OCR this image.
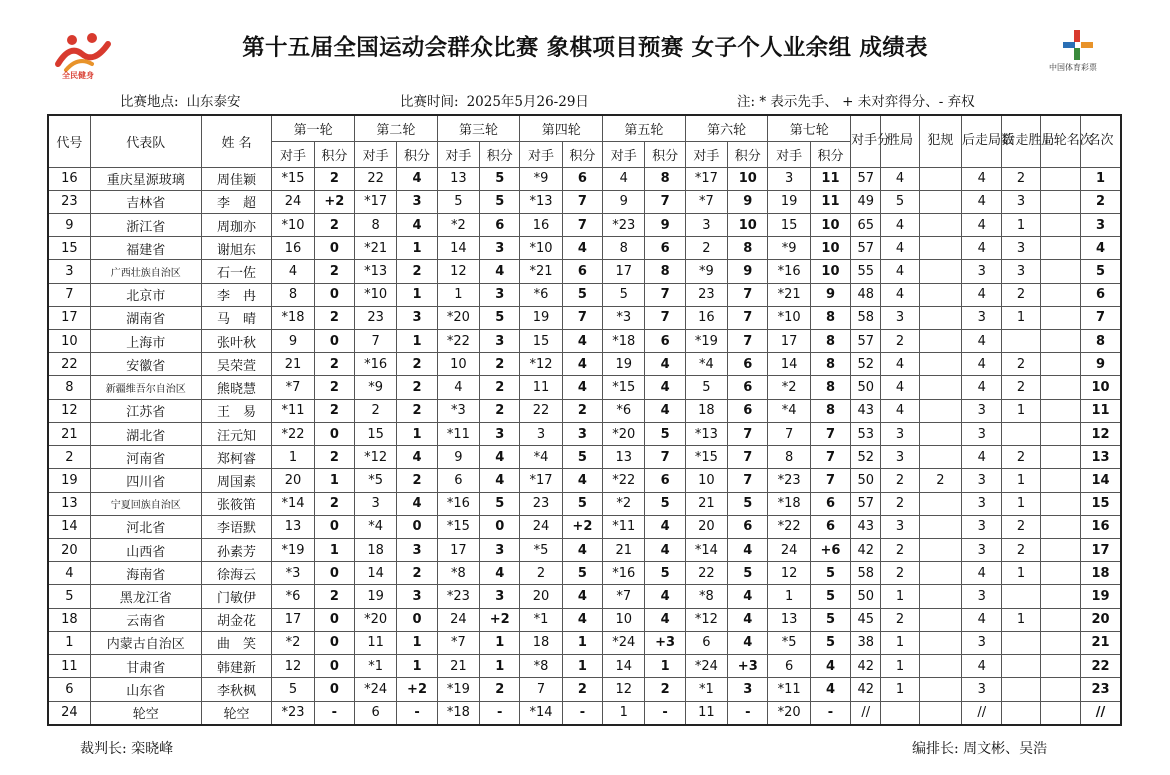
全民健身
第十五届全国运动会群众比赛 象棋项目预赛 女子个人业余组 成绩表
中国体育彩票
比赛地点: 山东泰安	比赛时间: 2025年5月26-29日	注: * 表示先手、 + 未对弈得分、- 弃权
代号	代表队	姓 名	第一轮		第二轮		第三轮		第四轮		第五轮		第六轮		第七轮		对手分	胜局	犯规	后走局数	后走胜局	上轮名次	名次
			对手	积分	对手	积分	对手	积分	对手	积分	对手	积分	对手	积分	对手	积分							
16	重庆星源玻璃	周佳颖	*15	2	22	4	13	5	*9	6	4	8	*17	10	3	11	57	4		4	2		1
23	吉林省	李　超	24	+2	*17	3	5	5	*13	7	9	7	*7	9	19	11	49	5		4	3		2
9	浙江省	周珈亦	*10	2	8	4	*2	6	16	7	*23	9	3	10	15	10	65	4		4	1		3
15	福建省	谢旭东	16	0	*21	1	14	3	*10	4	8	6	2	8	*9	10	57	4		4	3		4
3	广西壮族自治区	石一佐	4	2	*13	2	12	4	*21	6	17	8	*9	9	*16	10	55	4		3	3		5
7	北京市	李　冉	8	0	*10	1	1	3	*6	5	5	7	23	7	*21	9	48	4		4	2		6
17	湖南省	马　晴	*18	2	23	3	*20	5	19	7	*3	7	16	7	*10	8	58	3		3	1		7
10	上海市	张叶秋	9	0	7	1	*22	3	15	4	*18	6	*19	7	17	8	57	2		4			8
22	安徽省	吴荣萱	21	2	*16	2	10	2	*12	4	19	4	*4	6	14	8	52	4		4	2		9
8	新疆维吾尔自治区	熊晓慧	*7	2	*9	2	4	2	11	4	*15	4	5	6	*2	8	50	4		4	2		10
12	江苏省	王　易	*11	2	2	2	*3	2	22	2	*6	4	18	6	*4	8	43	4		3	1		11
21	湖北省	汪元知	*22	0	15	1	*11	3	3	3	*20	5	*13	7	7	7	53	3		3			12
2	河南省	郑柯睿	1	2	*12	4	9	4	*4	5	13	7	*15	7	8	7	52	3		4	2		13
19	四川省	周国素	20	1	*5	2	6	4	*17	4	*22	6	10	7	*23	7	50	2	2	3	1		14
13	宁夏回族自治区	张筱笛	*14	2	3	4	*16	5	23	5	*2	5	21	5	*18	6	57	2		3	1		15
14	河北省	李语默	13	0	*4	0	*15	0	24	+2	*11	4	20	6	*22	6	43	3		3	2		16
20	山西省	孙素芳	*19	1	18	3	17	3	*5	4	21	4	*14	4	24	+6	42	2		3	2		17
4	海南省	徐海云	*3	0	14	2	*8	4	2	5	*16	5	22	5	12	5	58	2		4	1		18
5	黑龙江省	门敏伊	*6	2	19	3	*23	3	20	4	*7	4	*8	4	1	5	50	1		3			19
18	云南省	胡金花	17	0	*20	0	24	+2	*1	4	10	4	*12	4	13	5	45	2		4	1		20
1	内蒙古自治区	曲　笑	*2	0	11	1	*7	1	18	1	*24	+3	6	4	*5	5	38	1		3			21
11	甘肃省	韩建新	12	0	*1	1	21	1	*8	1	14	1	*24	+3	6	4	42	1		4			22
6	山东省	李秋枫	5	0	*24	+2	*19	2	7	2	12	2	*1	3	*11	4	42	1		3			23
24	轮空	轮空	*23	-	6	-	*18	-	*14	-	1	-	11	-	*20	-	//			//			//
裁判长: 栾晓峰	编排长: 周文彬、吴浩
